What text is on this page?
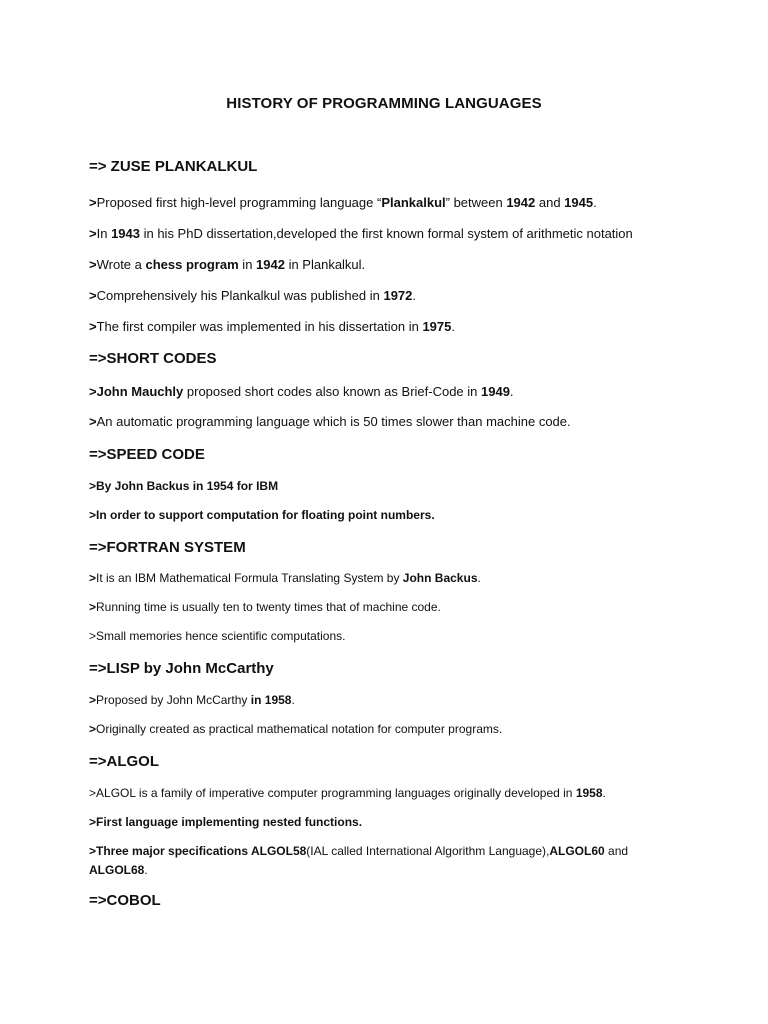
HISTORY OF PROGRAMMING LANGUAGES
=> ZUSE PLANKALKUL
>Proposed first high-level programming language “Plankalkul” between 1942 and 1945.
>In 1943 in his PhD dissertation,developed the first known formal system of arithmetic notation
>Wrote a chess program in 1942 in Plankalkul.
>Comprehensively his Plankalkul was published in 1972.
>The first compiler was implemented in his dissertation in 1975.
=>SHORT CODES
>John Mauchly proposed short codes also known as Brief-Code in 1949.
>An automatic programming language which is 50 times slower than machine code.
=>SPEED CODE
>By John Backus in 1954 for IBM
>In order to support computation for floating point numbers.
=>FORTRAN SYSTEM
>It is an IBM Mathematical Formula Translating System by John Backus.
>Running time is usually ten to twenty times that of machine code.
>Small memories hence scientific computations.
=>LISP by John McCarthy
>Proposed by John McCarthy in 1958.
>Originally created as practical mathematical notation for computer programs.
=>ALGOL
>ALGOL is a family of imperative computer programming languages originally developed in 1958.
>First language implementing nested functions.
>Three major specifications ALGOL58(IAL called International Algorithm Language),ALGOL60 and ALGOL68.
=>COBOL
